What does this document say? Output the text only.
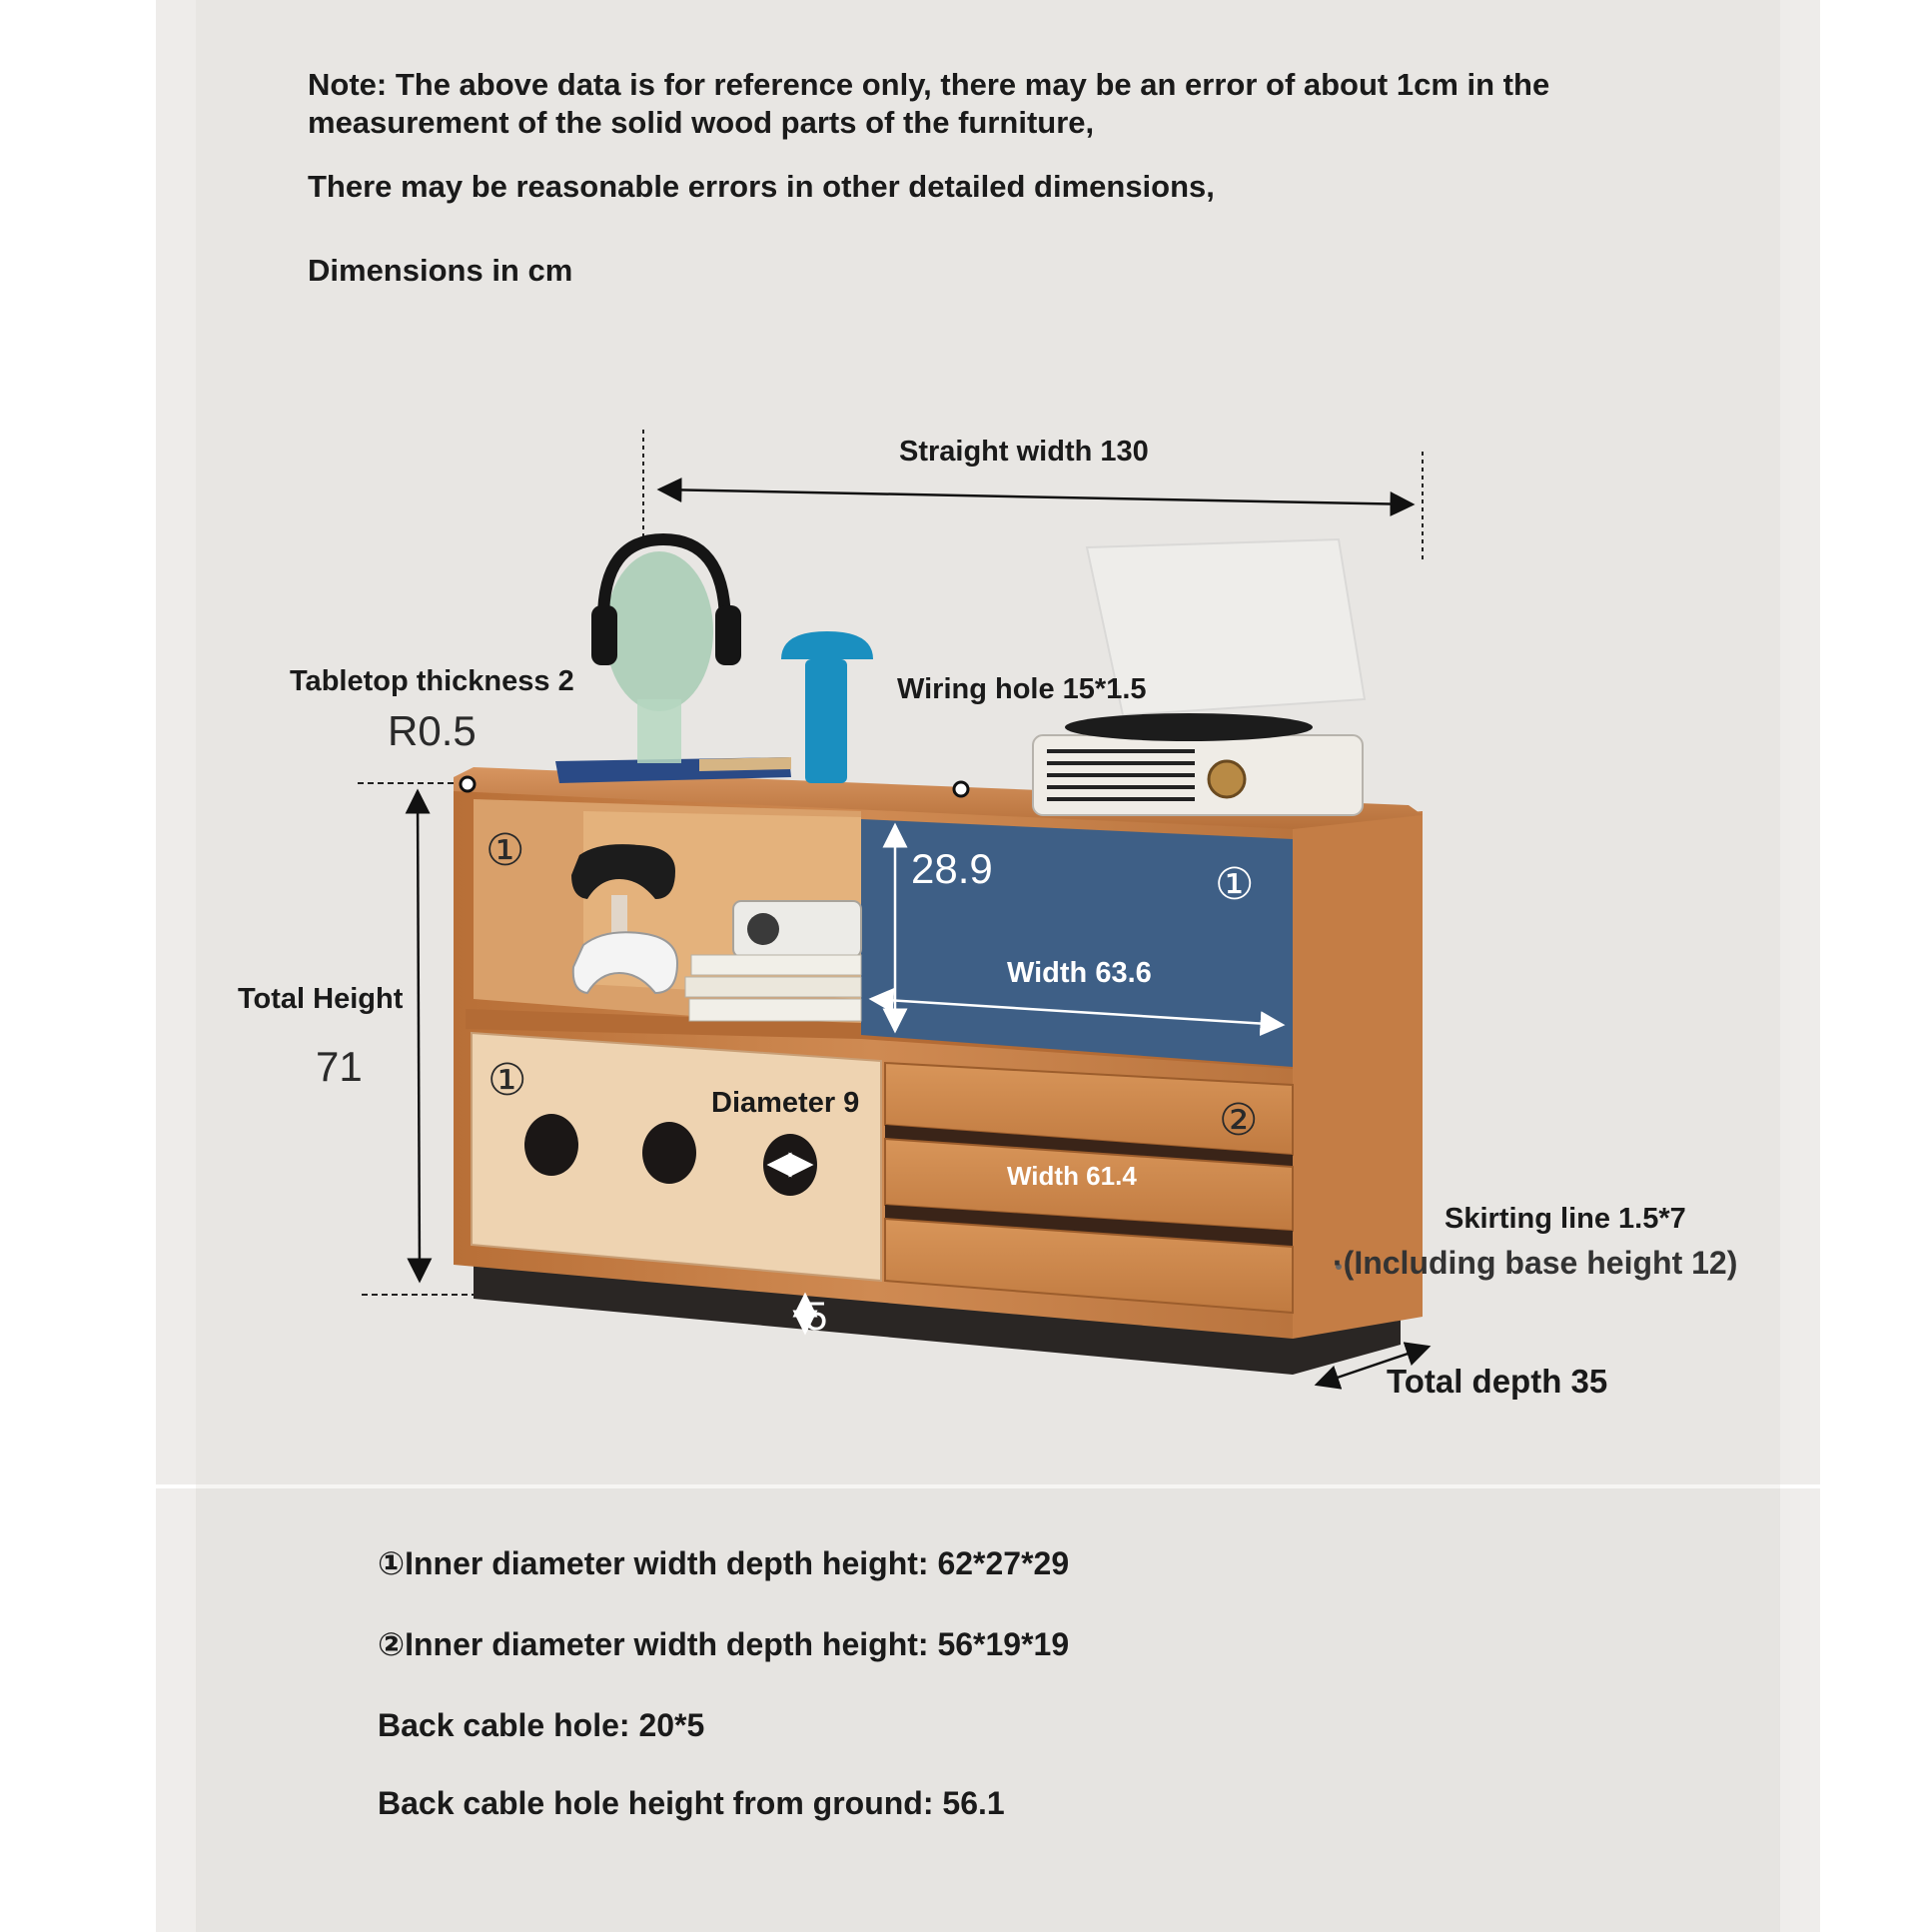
Note: The above data is for reference only, there may be an error of about 1cm in the measurement of the solid wood parts of the furniture,
There may be reasonable errors in other detailed dimensions,
Dimensions in cm
Straight width 130
Tabletop thickness 2
R0.5
Wiring hole 15*1.5
Total Height
71
28.9
Width 63.6
Diameter 9
Width 61.4
Skirting line 1.5*7
·(Including base height 12)
5
Total depth 35
①
①
①
②
①Inner diameter width depth height: 62*27*29
②Inner diameter width depth height: 56*19*19
Back cable hole: 20*5
Back cable hole height from ground: 56.1
